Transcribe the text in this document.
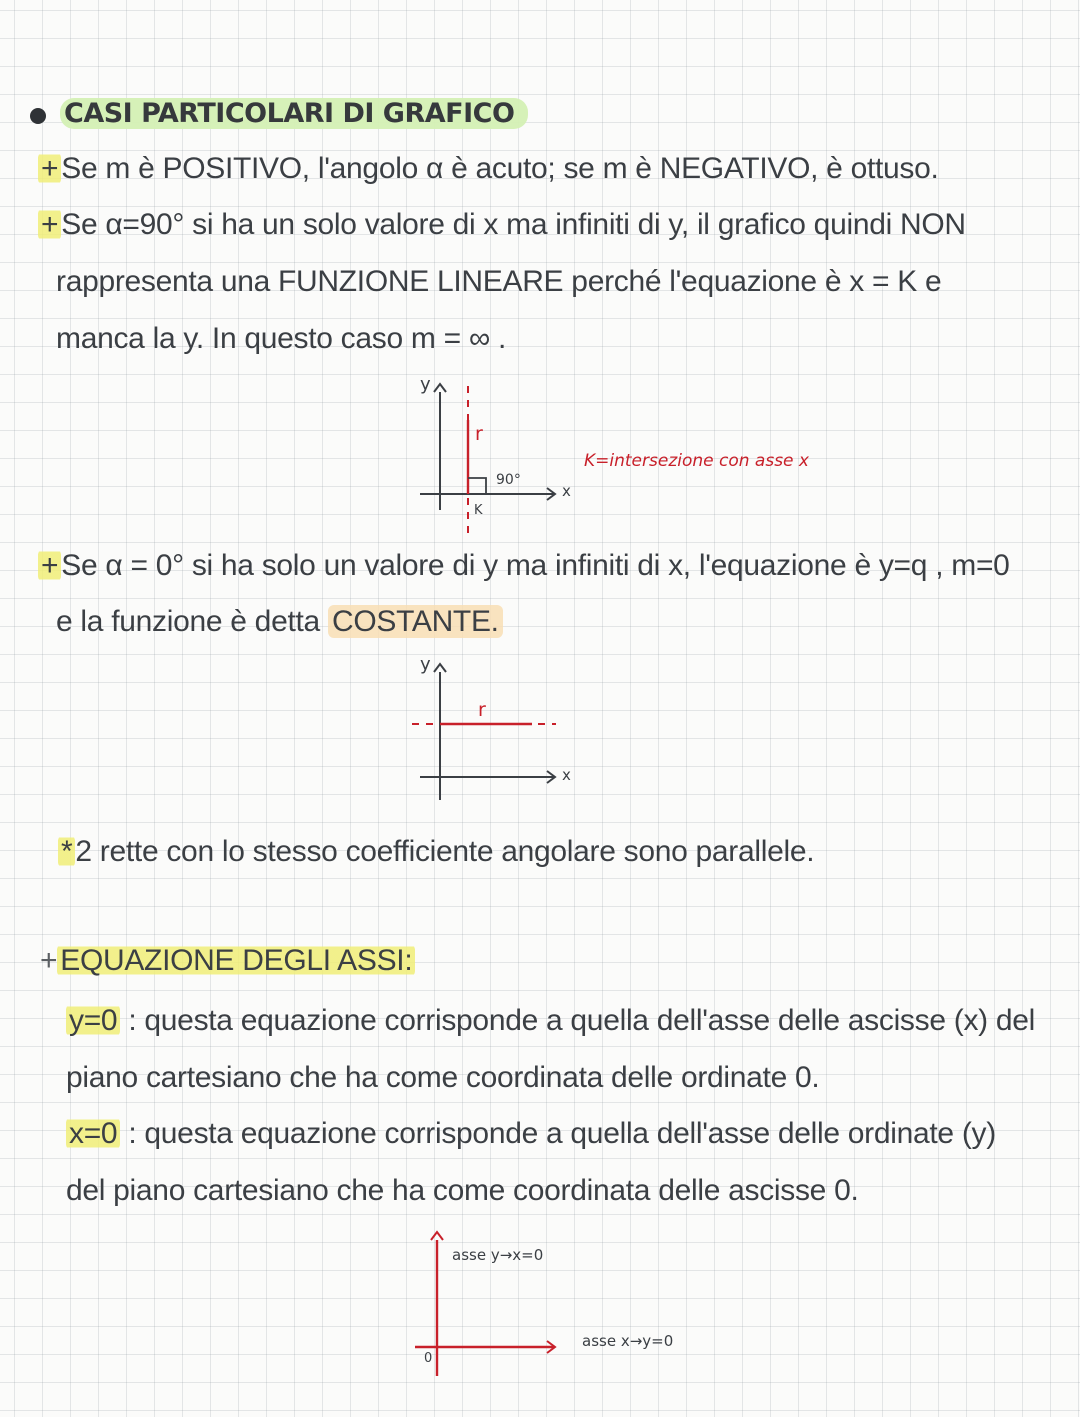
CASI PARTICOLARI DI GRAFICO
+ Se m è POSITIVO, l'angolo α è acuto; se m è NEGATIVO, è ottuso.
+ Se α=90° si ha un solo valore di x ma infiniti di y, il grafico quindi NON
rappresenta una FUNZIONE LINEARE perché l'equazione è x = K e
manca la y. In questo caso m = ∞ .
y
r
90°
K
x
K=intersezione con asse x
y
r
x
0
asse y→x=0
asse x→y=0
+ Se α = 0° si ha solo un valore di y ma infiniti di x, l'equazione è y=q , m=0
e la funzione è detta COSTANTE.
* 2 rette con lo stesso coefficiente angolare sono parallele.
+ EQUAZIONE DEGLI ASSI:
y=0 : questa equazione corrisponde a quella dell'asse delle ascisse (x) del
piano cartesiano che ha come coordinata delle ordinate 0.
x=0 : questa equazione corrisponde a quella dell'asse delle ordinate (y)
del piano cartesiano che ha come coordinata delle ascisse 0.
